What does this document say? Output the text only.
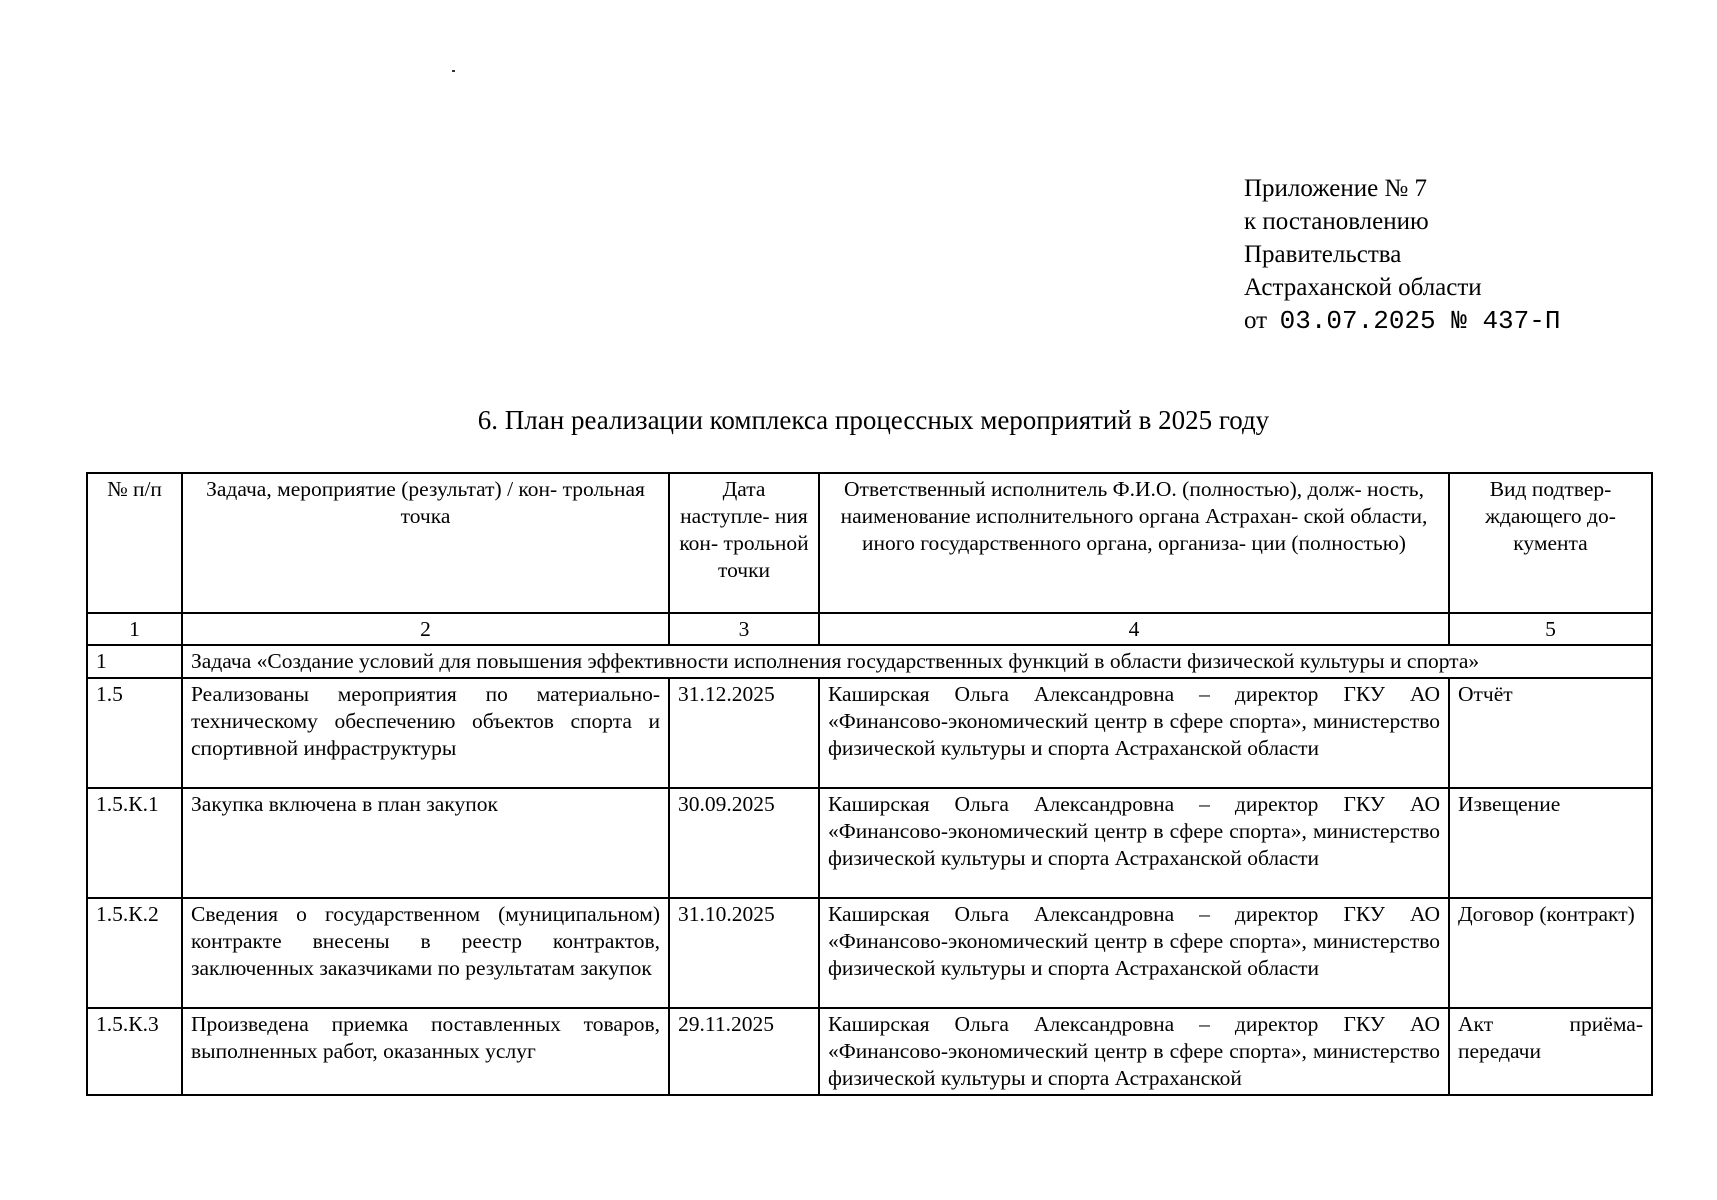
Приложение № 7
к постановлению
Правительства
Астраханской области
от 03.07.2025 № 437-П
6. План реализации комплекса процессных мероприятий в 2025 году
№ п/п	Задача, мероприятие (результат) / кон- трольная точка	Дата наступле- ния кон- трольной точки	Ответственный исполнитель Ф.И.О. (полностью), долж- ность, наименование исполнительного органа Астрахан- ской области, иного государственного органа, организа- ции (полностью)	Вид подтвер- ждающего до- кумента
1	2	3	4	5
1	Задача «Создание условий для повышения эффективности исполнения государственных функций в области физической культуры и спорта»			
1.5	Реализованы мероприятия по материально-техническому обеспечению объектов спорта и спортивной инфраструктуры	31.12.2025	Каширская Ольга Александровна – директор ГКУ АО «Финансово-экономический центр в сфере спорта», министерство физической культуры и спорта Астраханской области	Отчёт
1.5.К.1	Закупка включена в план закупок	30.09.2025	Каширская Ольга Александровна – директор ГКУ АО «Финансово-экономический центр в сфере спорта», министерство физической культуры и спорта Астраханской области	Извещение
1.5.К.2	Сведения о государственном (муниципальном) контракте внесены в реестр контрактов, заключенных заказчиками по результатам закупок	31.10.2025	Каширская Ольга Александровна – директор ГКУ АО «Финансово-экономический центр в сфере спорта», министерство физической культуры и спорта Астраханской области	Договор (контракт)
1.5.К.3	Произведена приемка поставленных товаров, выполненных работ, оказанных услуг	29.11.2025	Каширская Ольга Александровна – директор ГКУ АО «Финансово-экономический центр в сфере спорта», министерство физической культуры и спорта Астраханской	Акт приёма-передачи
